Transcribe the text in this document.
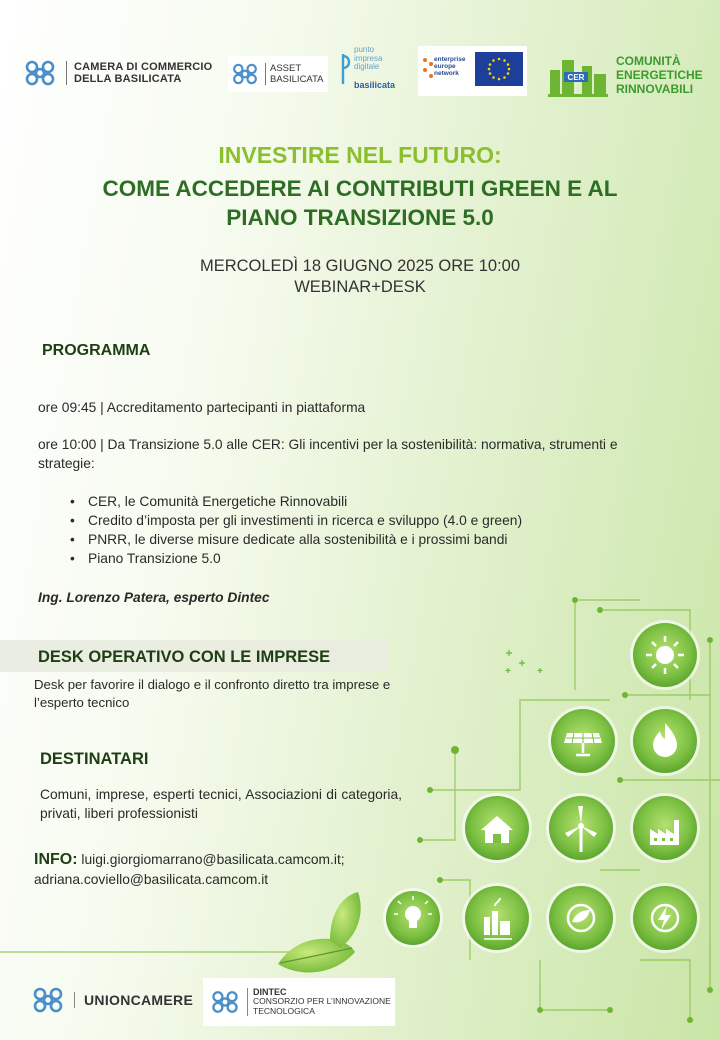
CAMERA DI COMMERCIO
DELLA BASILICATA
ASSET
BASILICATA
punto
impresa
digitale
basilicata
enterprise
europe
network	CER
COMUNITÀ
ENERGETICHE
RINNOVABILI
INVESTIRE NEL FUTURO:
COME ACCEDERE AI CONTRIBUTI GREEN E AL
PIANO TRANSIZIONE 5.0
MERCOLEDÌ 18 GIUGNO 2025 ORE 10:00
WEBINAR+DESK
PROGRAMMA
ore 09:45 | Accreditamento partecipanti in piattaforma
ore 10:00 | Da Transizione 5.0 alle CER: Gli incentivi per la sostenibilità: normativa, strumenti e strategie:
• CER, le Comunità Energetiche Rinnovabili
• Credito d’imposta per gli investimenti in ricerca e sviluppo (4.0 e green)
• PNRR, le diverse misure dedicate alla sostenibilità e i prossimi bandi
• Piano Transizione 5.0
Ing. Lorenzo Patera, esperto Dintec
DESK OPERATIVO CON LE IMPRESE
Desk per favorire il dialogo e il confronto diretto tra imprese e l’esperto tecnico
DESTINATARI
Comuni, imprese, esperti tecnici, Associazioni di categoria, privati, liberi professionisti
INFO: luigi.giorgiomarrano@basilicata.camcom.it;
adriana.coviello@basilicata.camcom.it
UNIONCAMERE
DINTEC
CONSORZIO PER L’INNOVAZIONE
TECNOLOGICA
